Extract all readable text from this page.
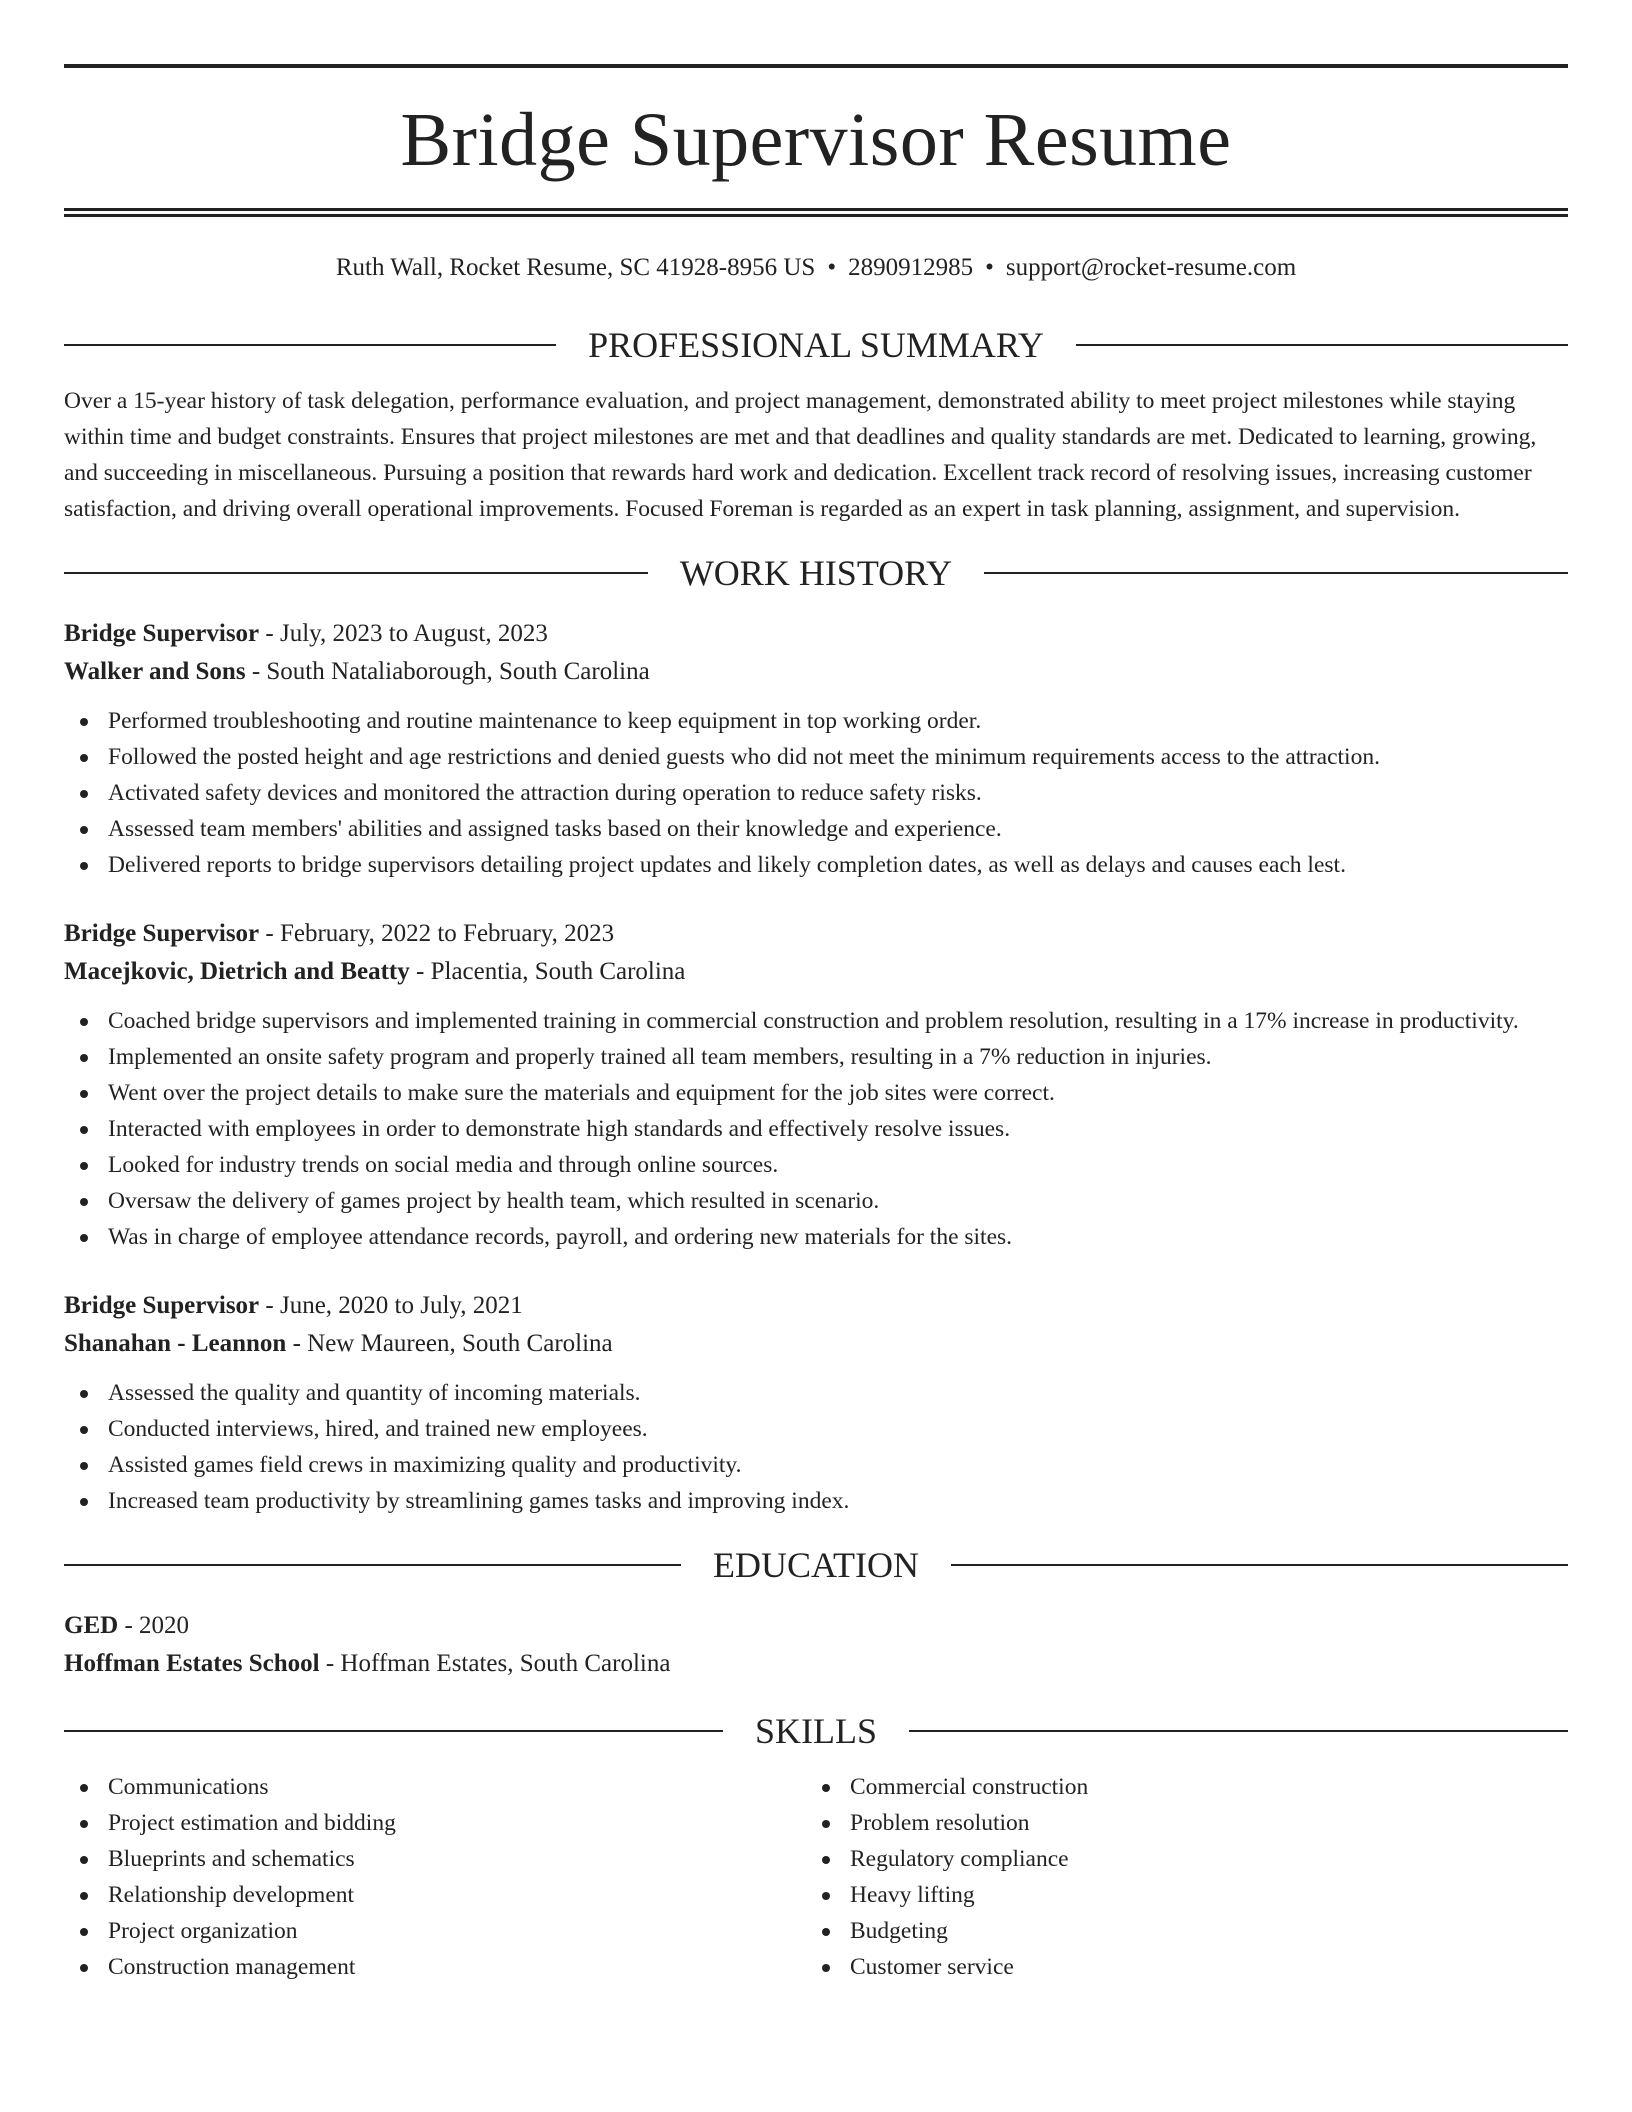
Bridge Supervisor Resume
Ruth Wall, Rocket Resume, SC 41928-8956 US • 2890912985 • support@rocket-resume.com
PROFESSIONAL SUMMARY

Over a 15-year history of task delegation, performance evaluation, and project management, demonstrated ability to meet project milestones while staying within time and budget constraints. Ensures that project milestones are met and that deadlines and quality standards are met. Dedicated to learning, growing, and succeeding in miscellaneous. Pursuing a position that rewards hard work and dedication. Excellent track record of resolving issues, increasing customer satisfaction, and driving overall operational improvements. Focused Foreman is regarded as an expert in task planning, assignment, and supervision.

WORK HISTORY
Bridge Supervisor - July, 2023 to August, 2023
Walker and Sons - South Nataliaborough, South Carolina
Performed troubleshooting and routine maintenance to keep equipment in top working order.
Followed the posted height and age restrictions and denied guests who did not meet the minimum requirements access to the attraction.
Activated safety devices and monitored the attraction during operation to reduce safety risks.
Assessed team members' abilities and assigned tasks based on their knowledge and experience.
Delivered reports to bridge supervisors detailing project updates and likely completion dates, as well as delays and causes each lest.
Bridge Supervisor - February, 2022 to February, 2023
Macejkovic, Dietrich and Beatty - Placentia, South Carolina
Coached bridge supervisors and implemented training in commercial construction and problem resolution, resulting in a 17% increase in productivity.
Implemented an onsite safety program and properly trained all team members, resulting in a 7% reduction in injuries.
Went over the project details to make sure the materials and equipment for the job sites were correct.
Interacted with employees in order to demonstrate high standards and effectively resolve issues.
Looked for industry trends on social media and through online sources.
Oversaw the delivery of games project by health team, which resulted in scenario.
Was in charge of employee attendance records, payroll, and ordering new materials for the sites.
Bridge Supervisor - June, 2020 to July, 2021
Shanahan - Leannon - New Maureen, South Carolina
Assessed the quality and quantity of incoming materials.
Conducted interviews, hired, and trained new employees.
Assisted games field crews in maximizing quality and productivity.
Increased team productivity by streamlining games tasks and improving index.
EDUCATION
GED - 2020
Hoffman Estates School - Hoffman Estates, South Carolina
SKILLS
Communications
Project estimation and bidding
Blueprints and schematics
Relationship development
Project organization
Construction management
Commercial construction
Problem resolution
Regulatory compliance
Heavy lifting
Budgeting
Customer service
